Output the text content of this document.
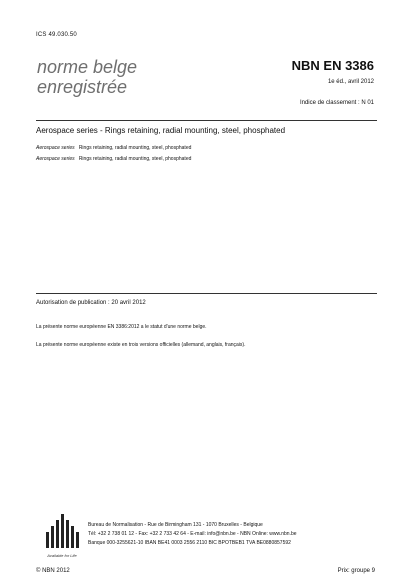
ICS 49.030.50
norme belge
enregistrée
NBN EN 3386
1e éd., avril 2012
Indice de classement : N 01
Aerospace series - Rings retaining, radial mounting, steel, phosphated
Aerospace series Rings retaining, radial mounting, steel, phosphated
Aerospace series Rings retaining, radial mounting, steel, phosphated
Autorisation de publication : 20 avril 2012
La présente norme européenne EN 3386:2012 a le statut d'une norme belge.
La présente norme européenne existe en trois versions officielles (allemand, anglais, français).
Available for Life
Bureau de Normalisation - Rue de Birmingham 131 - 1070 Bruxelles - Belgique
Tél: +32 2 738 01 12 - Fax: +32 2 733 42 64 - E-mail: info@nbn.be - NBN Online: www.nbn.be
Banque 000-3255621-10 IBAN BE41 0003 2556 2110 BIC BPOTBEB1 TVA BE0880857592
© NBN 2012	Prix: groupe 9
